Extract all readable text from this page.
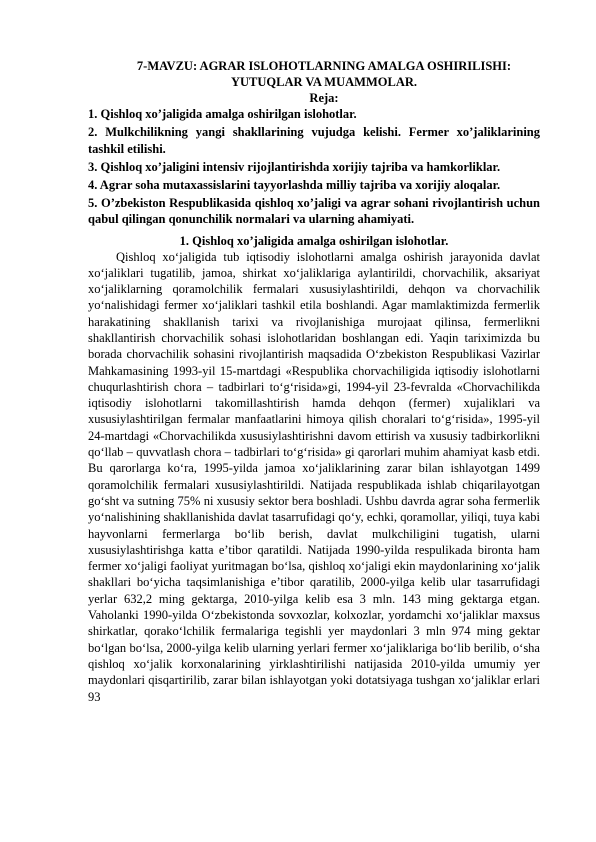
7-MAVZU: AGRAR ISLOHOTLARNING AMALGA OSHIRILISHI: YUTUQLAR VA MUAMMOLAR.
Reja:

1. Qishloq xo’jaligida amalga oshirilgan islohotlar.

2. Mulkchilikning yangi shakllarining vujudga kelishi. Fermer xo’jaliklarining tashkil etilishi.

3. Qishloq xo’jaligini intensiv rijojlantirishda xorijiy tajriba va hamkorliklar.

4. Agrar soha mutaxassislarini tayyorlashda milliy tajriba va xorijiy aloqalar.

5. O’zbekiston Respublikasida qishloq xo’jaligi va agrar sohani rivojlantirish uchun qabul qilingan qonunchilik normalari va ularning ahamiyati.

1. Qishloq xo’jaligida amalga oshirilgan islohotlar.

Qishloq xo‘jaligida tub iqtisodiy islohotlarni amalga oshirish jarayonida davlat xo‘jaliklari tugatilib, jamoa, shirkat xo‘jaliklariga aylantirildi, chorvachilik, aksariyat xo‘jaliklarning qoramolchilik fermalari xususiylashtirildi, dehqon va chorvachilik yo‘nalishidagi fermer xo‘jaliklari tashkil etila boshlandi. Agar mamlaktimizda fermerlik harakatining shakllanish tarixi va rivojlanishiga murojaat qilinsa, fermerlikni shakllantirish chorvachilik sohasi islohotlaridan boshlangan edi. Yaqin tariximizda bu borada chorvachilik sohasini rivojlantirish maqsadida O‘zbekiston Respublikasi Vazirlar Mahkamasining 1993-yil 15-martdagi «Respublika chorvachiligida iqtisodiy islohotlarni chuqurlashtirish chora – tadbirlari to‘g‘risida»gi, 1994-yil 23-fevralda «Chorvachilikda iqtisodiy islohotlarni takomillashtirish hamda dehqon (fermer) xujaliklari va xususiylashtirilgan fermalar manfaatlarini himoya qilish choralari to‘g‘risida», 1995-yil 24-martdagi «Chorvachilikda xususiylashtirishni davom ettirish va xususiy tadbirkorlikni qo‘llab – quvvatlash chora – tadbirlari to‘g‘risida» gi qarorlari muhim ahamiyat kasb etdi. Bu qarorlarga ko‘ra, 1995-yilda jamoa xo‘jaliklarining zarar bilan ishlayotgan 1499 qoramolchilik fermalari xususiylashtirildi. Natijada respublikada ishlab chiqarilayotgan go‘sht va sutning 75% ni xususiy sektor bera boshladi. Ushbu davrda agrar soha fermerlik yo‘nalishining shakllanishida davlat tasarrufidagi qo‘y, echki, qoramollar, yiliqi, tuya kabi hayvonlarni fermerlarga bo‘lib berish, davlat mulkchiligini tugatish, ularni xususiylashtirishga katta e’tibor qaratildi. Natijada 1990-yilda respulikada bironta ham fermer xo‘jaligi faoliyat yuritmagan bo‘lsa, qishloq xo‘jaligi ekin maydonlarining xo‘jalik shakllari bo‘yicha taqsimlanishiga e’tibor qaratilib, 2000-yilga kelib ular tasarrufidagi yerlar 632,2 ming gektarga, 2010-yilga kelib esa 3 mln. 143 ming gektarga etgan. Vaholanki 1990-yilda O‘zbekistonda sovxozlar, kolxozlar, yordamchi xo‘jaliklar maxsus shirkatlar, qorako‘lchilik fermalariga tegishli yer maydonlari 3 mln 974 ming gektar bo‘lgan bo‘lsa, 2000-yilga kelib ularning yerlari fermer xo‘jaliklariga bo‘lib berilib, o‘sha qishloq xo‘jalik korxonalarining yirklashtirilishi natijasida 2010-yilda umumiy yer maydonlari qisqartirilib, zarar bilan ishlayotgan yoki dotatsiyaga tushgan xo‘jaliklar erlari 93
